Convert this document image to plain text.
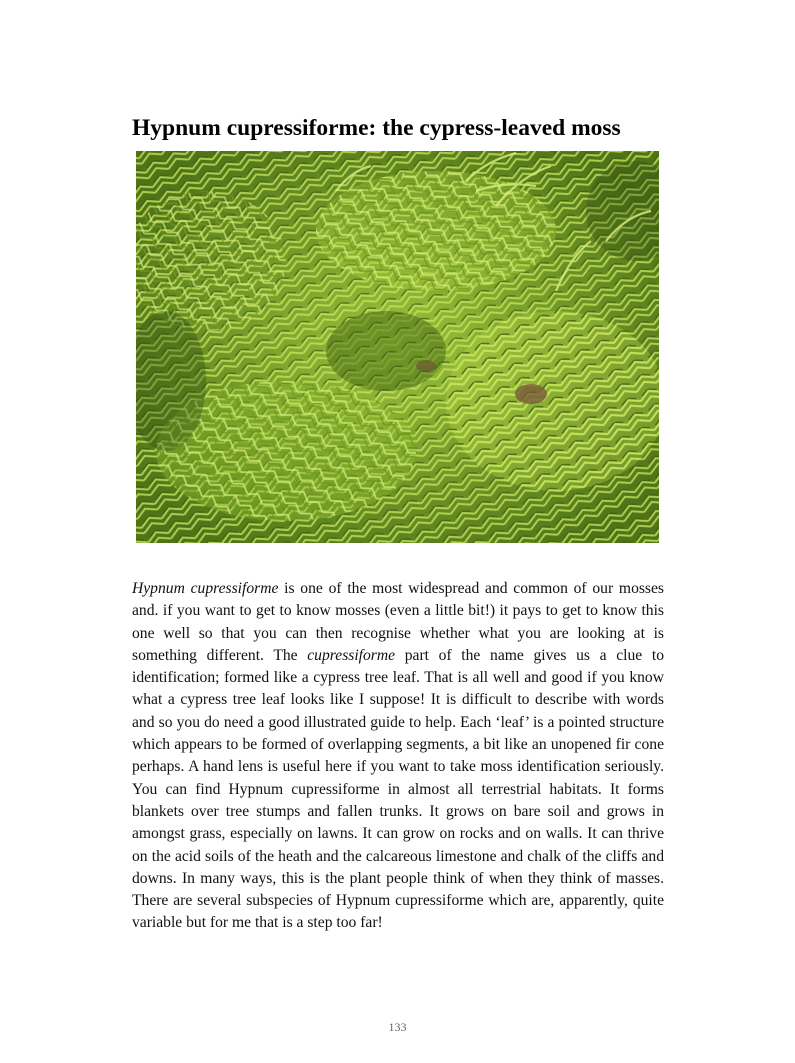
Hypnum cupressiforme: the cypress-leaved moss

Hypnum cupressiforme is one of the most widespread and common of our mosses and. if you want to get to know mosses (even a little bit!) it pays to get to know this one well so that you can then recognise whether what you are looking at is something different. The cupressiforme part of the name gives us a clue to identification; formed like a cypress tree leaf. That is all well and good if you know what a cypress tree leaf looks like I suppose! It is difficult to describe with words and so you do need a good illustrated guide to help. Each ‘leaf’ is a pointed structure which appears to be formed of overlapping segments, a bit like an unopened fir cone perhaps. A hand lens is useful here if you want to take moss identification seriously. You can find Hypnum cupressiforme in almost all terrestrial habitats. It forms blankets over tree stumps and fallen trunks. It grows on bare soil and grows in amongst grass, especially on lawns. It can grow on rocks and on walls. It can thrive on the acid soils of the heath and the calcareous limestone and chalk of the cliffs and downs. In many ways, this is the plant people think of when they think of masses. There are several subspecies of Hypnum cupressiforme which are, apparently, quite variable but for me that is a step too far!

133
